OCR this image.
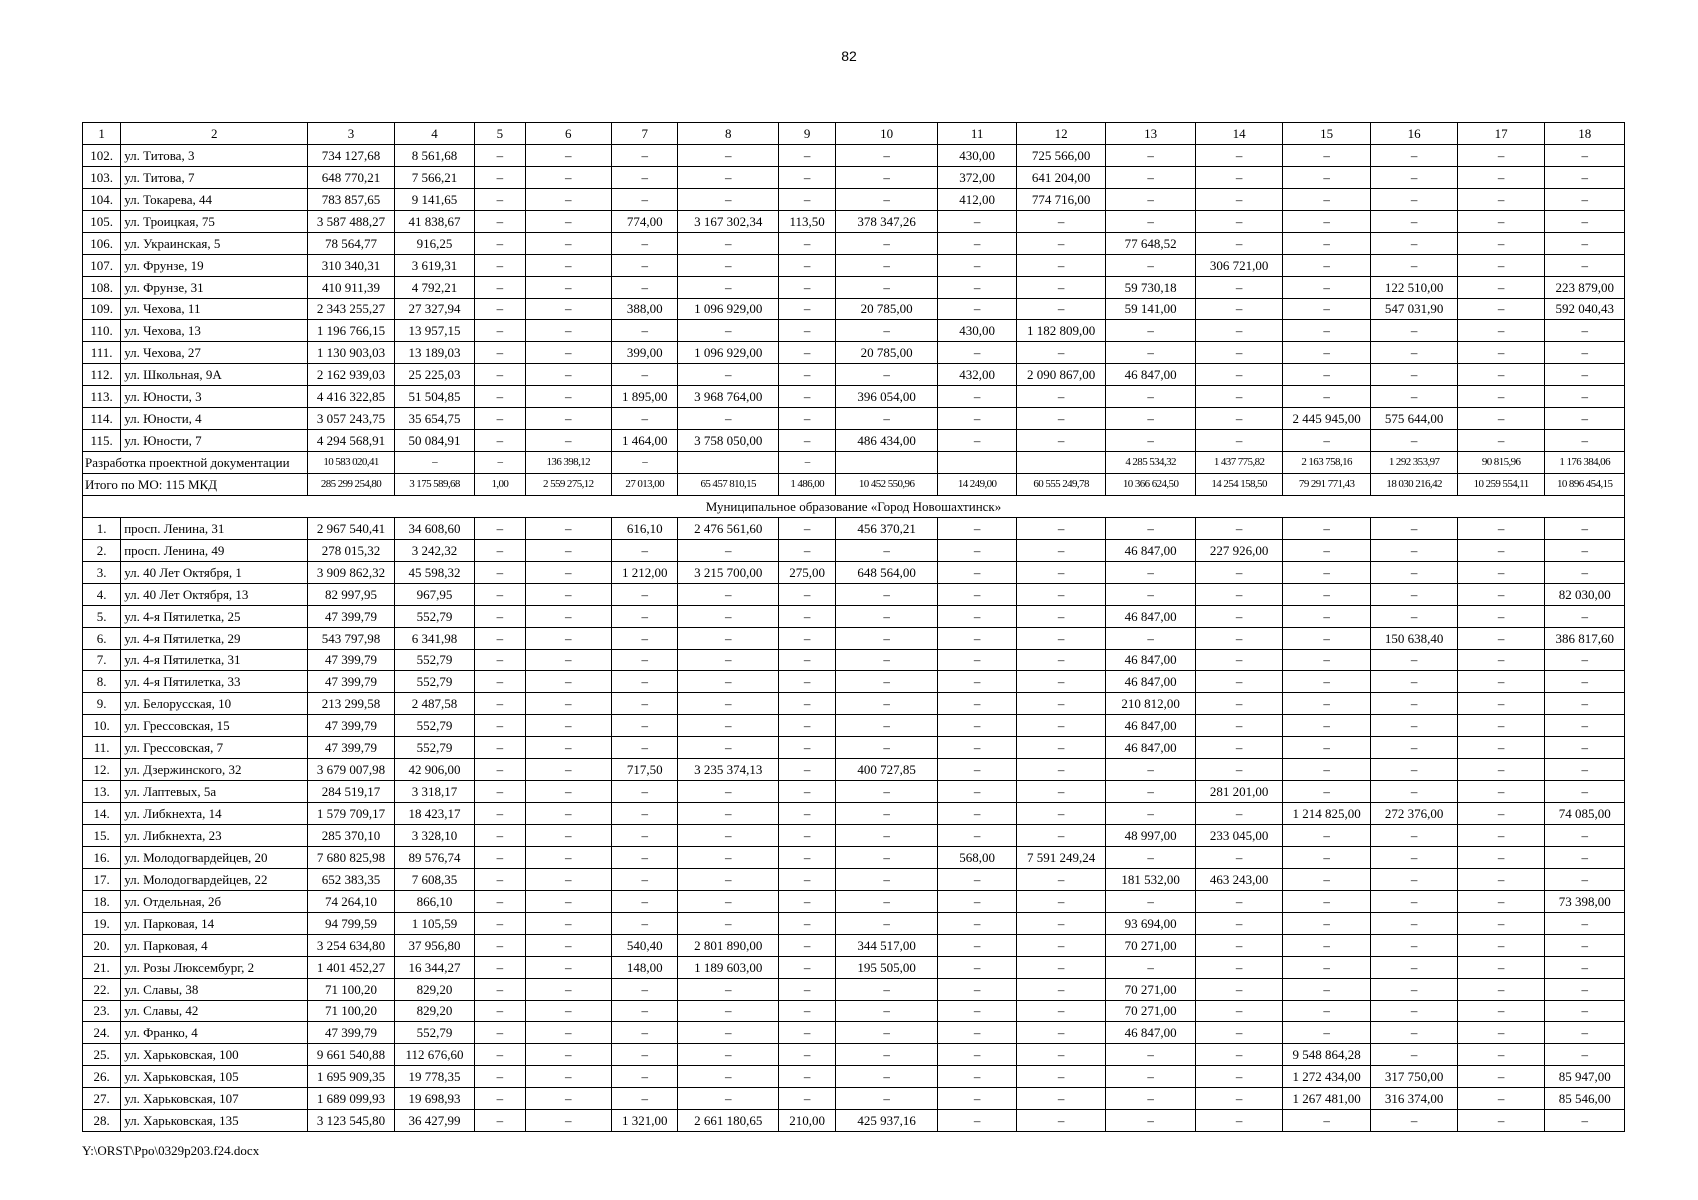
82
1	2	3	4	5	6	7	8	9	10	11	12	13	14	15	16	17	18
102.	ул. Титова, 3	734 127,68	8 561,68	–	–	–	–	–	–	430,00	725 566,00	–	–	–	–	–	–
103.	ул. Титова, 7	648 770,21	7 566,21	–	–	–	–	–	–	372,00	641 204,00	–	–	–	–	–	–
104.	ул. Токарева, 44	783 857,65	9 141,65	–	–	–	–	–	–	412,00	774 716,00	–	–	–	–	–	–
105.	ул. Троицкая, 75	3 587 488,27	41 838,67	–	–	774,00	3 167 302,34	113,50	378 347,26	–	–	–	–	–	–	–	–
106.	ул. Украинская, 5	78 564,77	916,25	–	–	–	–	–	–	–	–	77 648,52	–	–	–	–	–
107.	ул. Фрунзе, 19	310 340,31	3 619,31	–	–	–	–	–	–	–	–	–	306 721,00	–	–	–	–
108.	ул. Фрунзе, 31	410 911,39	4 792,21	–	–	–	–	–	–	–	–	59 730,18	–	–	122 510,00	–	223 879,00
109.	ул. Чехова, 11	2 343 255,27	27 327,94	–	–	388,00	1 096 929,00	–	20 785,00	–	–	59 141,00	–	–	547 031,90	–	592 040,43
110.	ул. Чехова, 13	1 196 766,15	13 957,15	–	–	–	–	–	–	430,00	1 182 809,00	–	–	–	–	–	–
111.	ул. Чехова, 27	1 130 903,03	13 189,03	–	–	399,00	1 096 929,00	–	20 785,00	–	–	–	–	–	–	–	–
112.	ул. Школьная, 9А	2 162 939,03	25 225,03	–	–	–	–	–	–	432,00	2 090 867,00	46 847,00	–	–	–	–	–
113.	ул. Юности, 3	4 416 322,85	51 504,85	–	–	1 895,00	3 968 764,00	–	396 054,00	–	–	–	–	–	–	–	–
114.	ул. Юности, 4	3 057 243,75	35 654,75	–	–	–	–	–	–	–	–	–	–	2 445 945,00	575 644,00	–	–
115.	ул. Юности, 7	4 294 568,91	50 084,91	–	–	1 464,00	3 758 050,00	–	486 434,00	–	–	–	–	–	–	–	–
Разработка проектной документации		10 583 020,41	–	–	136 398,12	–		–				4 285 534,32	1 437 775,82	2 163 758,16	1 292 353,97	90 815,96	1 176 384,06
Итого по МО: 115 МКД		285 299 254,80	3 175 589,68	1,00	2 559 275,12	27 013,00	65 457 810,15	1 486,00	10 452 550,96	14 249,00	60 555 249,78	10 366 624,50	14 254 158,50	79 291 771,43	18 030 216,42	10 259 554,11	10 896 454,15
Муниципальное образование «Город Новошахтинск»																	
1.	просп. Ленина, 31	2 967 540,41	34 608,60	–	–	616,10	2 476 561,60	–	456 370,21	–	–	–	–	–	–	–	–
2.	просп. Ленина, 49	278 015,32	3 242,32	–	–	–	–	–	–	–	–	46 847,00	227 926,00	–	–	–	–
3.	ул. 40 Лет Октября, 1	3 909 862,32	45 598,32	–	–	1 212,00	3 215 700,00	275,00	648 564,00	–	–	–	–	–	–	–	–
4.	ул. 40 Лет Октября, 13	82 997,95	967,95	–	–	–	–	–	–	–	–	–	–	–	–	–	82 030,00
5.	ул. 4-я Пятилетка, 25	47 399,79	552,79	–	–	–	–	–	–	–	–	46 847,00	–	–	–	–	–
6.	ул. 4-я Пятилетка, 29	543 797,98	6 341,98	–	–	–	–	–	–	–	–	–	–	–	150 638,40	–	386 817,60
7.	ул. 4-я Пятилетка, 31	47 399,79	552,79	–	–	–	–	–	–	–	–	46 847,00	–	–	–	–	–
8.	ул. 4-я Пятилетка, 33	47 399,79	552,79	–	–	–	–	–	–	–	–	46 847,00	–	–	–	–	–
9.	ул. Белорусская, 10	213 299,58	2 487,58	–	–	–	–	–	–	–	–	210 812,00	–	–	–	–	–
10.	ул. Грессовская, 15	47 399,79	552,79	–	–	–	–	–	–	–	–	46 847,00	–	–	–	–	–
11.	ул. Грессовская, 7	47 399,79	552,79	–	–	–	–	–	–	–	–	46 847,00	–	–	–	–	–
12.	ул. Дзержинского, 32	3 679 007,98	42 906,00	–	–	717,50	3 235 374,13	–	400 727,85	–	–	–	–	–	–	–	–
13.	ул. Лаптевых, 5а	284 519,17	3 318,17	–	–	–	–	–	–	–	–	–	281 201,00	–	–	–	–
14.	ул. Либкнехта, 14	1 579 709,17	18 423,17	–	–	–	–	–	–	–	–	–	–	1 214 825,00	272 376,00	–	74 085,00
15.	ул. Либкнехта, 23	285 370,10	3 328,10	–	–	–	–	–	–	–	–	48 997,00	233 045,00	–	–	–	–
16.	ул. Молодогвардейцев, 20	7 680 825,98	89 576,74	–	–	–	–	–	–	568,00	7 591 249,24	–	–	–	–	–	–
17.	ул. Молодогвардейцев, 22	652 383,35	7 608,35	–	–	–	–	–	–	–	–	181 532,00	463 243,00	–	–	–	–
18.	ул. Отдельная, 2б	74 264,10	866,10	–	–	–	–	–	–	–	–	–	–	–	–	–	73 398,00
19.	ул. Парковая, 14	94 799,59	1 105,59	–	–	–	–	–	–	–	–	93 694,00	–	–	–	–	–
20.	ул. Парковая, 4	3 254 634,80	37 956,80	–	–	540,40	2 801 890,00	–	344 517,00	–	–	70 271,00	–	–	–	–	–
21.	ул. Розы Люксембург, 2	1 401 452,27	16 344,27	–	–	148,00	1 189 603,00	–	195 505,00	–	–	–	–	–	–	–	–
22.	ул. Славы, 38	71 100,20	829,20	–	–	–	–	–	–	–	–	70 271,00	–	–	–	–	–
23.	ул. Славы, 42	71 100,20	829,20	–	–	–	–	–	–	–	–	70 271,00	–	–	–	–	–
24.	ул. Франко, 4	47 399,79	552,79	–	–	–	–	–	–	–	–	46 847,00	–	–	–	–	–
25.	ул. Харьковская, 100	9 661 540,88	112 676,60	–	–	–	–	–	–	–	–	–	–	9 548 864,28	–	–	–
26.	ул. Харьковская, 105	1 695 909,35	19 778,35	–	–	–	–	–	–	–	–	–	–	1 272 434,00	317 750,00	–	85 947,00
27.	ул. Харьковская, 107	1 689 099,93	19 698,93	–	–	–	–	–	–	–	–	–	–	1 267 481,00	316 374,00	–	85 546,00
28.	ул. Харьковская, 135	3 123 545,80	36 427,99	–	–	1 321,00	2 661 180,65	210,00	425 937,16	–	–	–	–	–	–	–	–
Y:\ORST\Ppo\0329p203.f24.docx
